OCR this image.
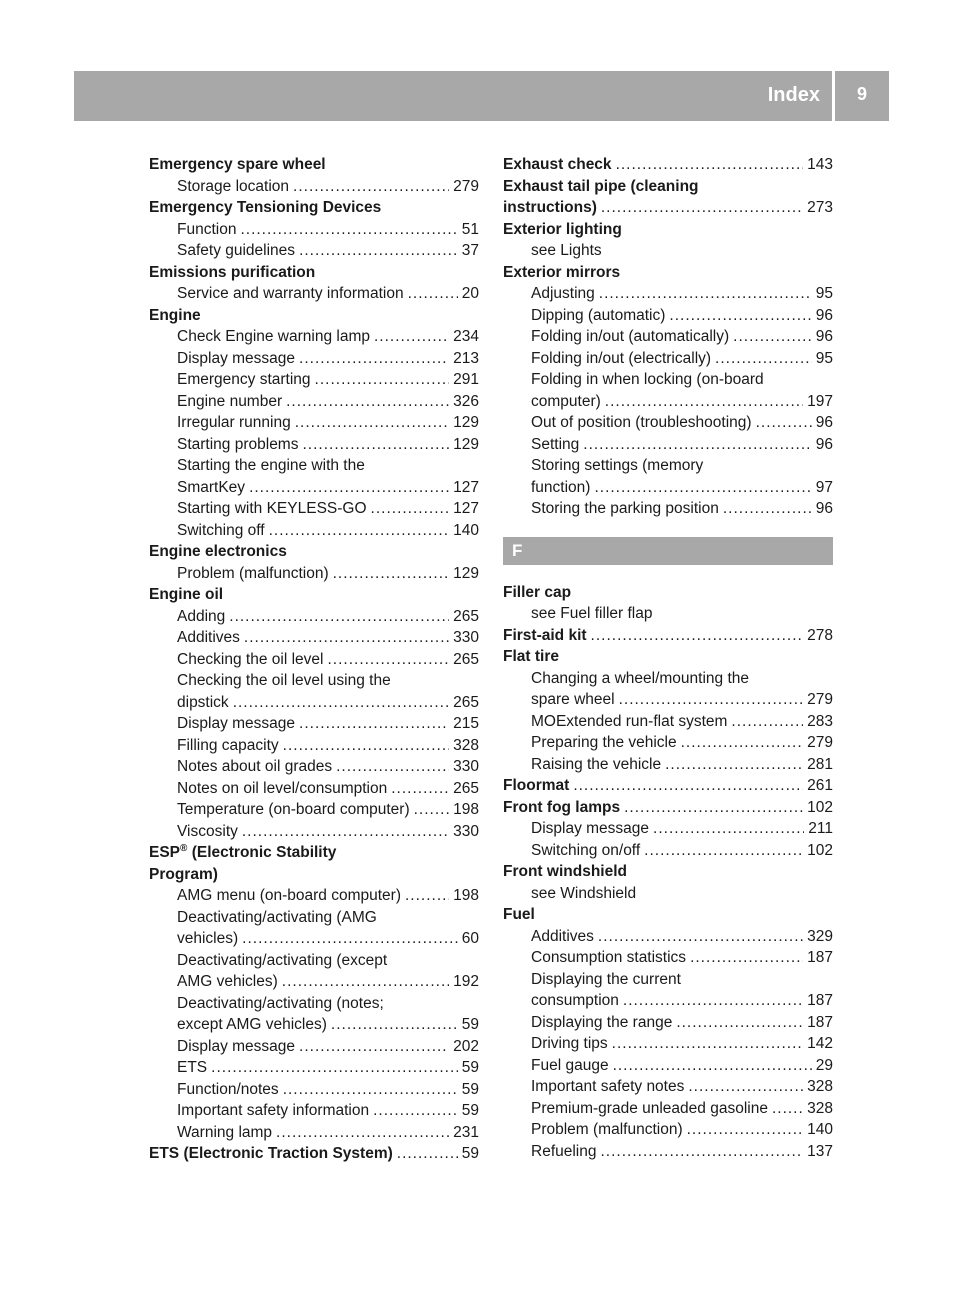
Index	9
Emergency spare wheel
Storage location .....	279
Emergency Tensioning Devices
Function .....	51
Safety guidelines .....	37
Emissions purification
Service and warranty information .....	20
Engine
Check Engine warning lamp .....	234
Display message .....	213
Emergency starting .....	291
Engine number .....	326
Irregular running .....	129
Starting problems .....	129
Starting the engine with the
SmartKey .....	127
Starting with KEYLESS-GO .....	127
Switching off .....	140
Engine electronics
Problem (malfunction) .....	129
Engine oil
Adding .....	265
Additives .....	330
Checking the oil level .....	265
Checking the oil level using the
dipstick .....	265
Display message .....	215
Filling capacity .....	328
Notes about oil grades .....	330
Notes on oil level/consumption .....	265
Temperature (on-board computer) .....	198
Viscosity .....	330
ESP® (Electronic Stability
Program)
AMG menu (on-board computer) .....	198
Deactivating/activating (AMG
vehicles) .....	60
Deactivating/activating (except
AMG vehicles) .....	192
Deactivating/activating (notes;
except AMG vehicles) .....	59
Display message .....	202
ETS .....	59
Function/notes .....	59
Important safety information .....	59
Warning lamp .....	231
ETS (Electronic Traction System) .....	59
Exhaust check .....	143
Exhaust tail pipe (cleaning
instructions) .....	273
Exterior lighting
see Lights
Exterior mirrors
Adjusting .....	95
Dipping (automatic) .....	96
Folding in/out (automatically) .....	96
Folding in/out (electrically) .....	95
Folding in when locking (on-board
computer) .....	197
Out of position (troubleshooting) .....	96
Setting .....	96
Storing settings (memory
function) .....	97
Storing the parking position .....	96
F
Filler cap
see Fuel filler flap
First-aid kit .....	278
Flat tire
Changing a wheel/mounting the
spare wheel .....	279
MOExtended run-flat system .....	283
Preparing the vehicle .....	279
Raising the vehicle .....	281
Floormat .....	261
Front fog lamps .....	102
Display message .....	211
Switching on/off .....	102
Front windshield
see Windshield
Fuel
Additives .....	329
Consumption statistics .....	187
Displaying the current
consumption .....	187
Displaying the range .....	187
Driving tips .....	142
Fuel gauge .....	29
Important safety notes .....	328
Premium-grade unleaded gasoline .....	328
Problem (malfunction) .....	140
Refueling .....	137
